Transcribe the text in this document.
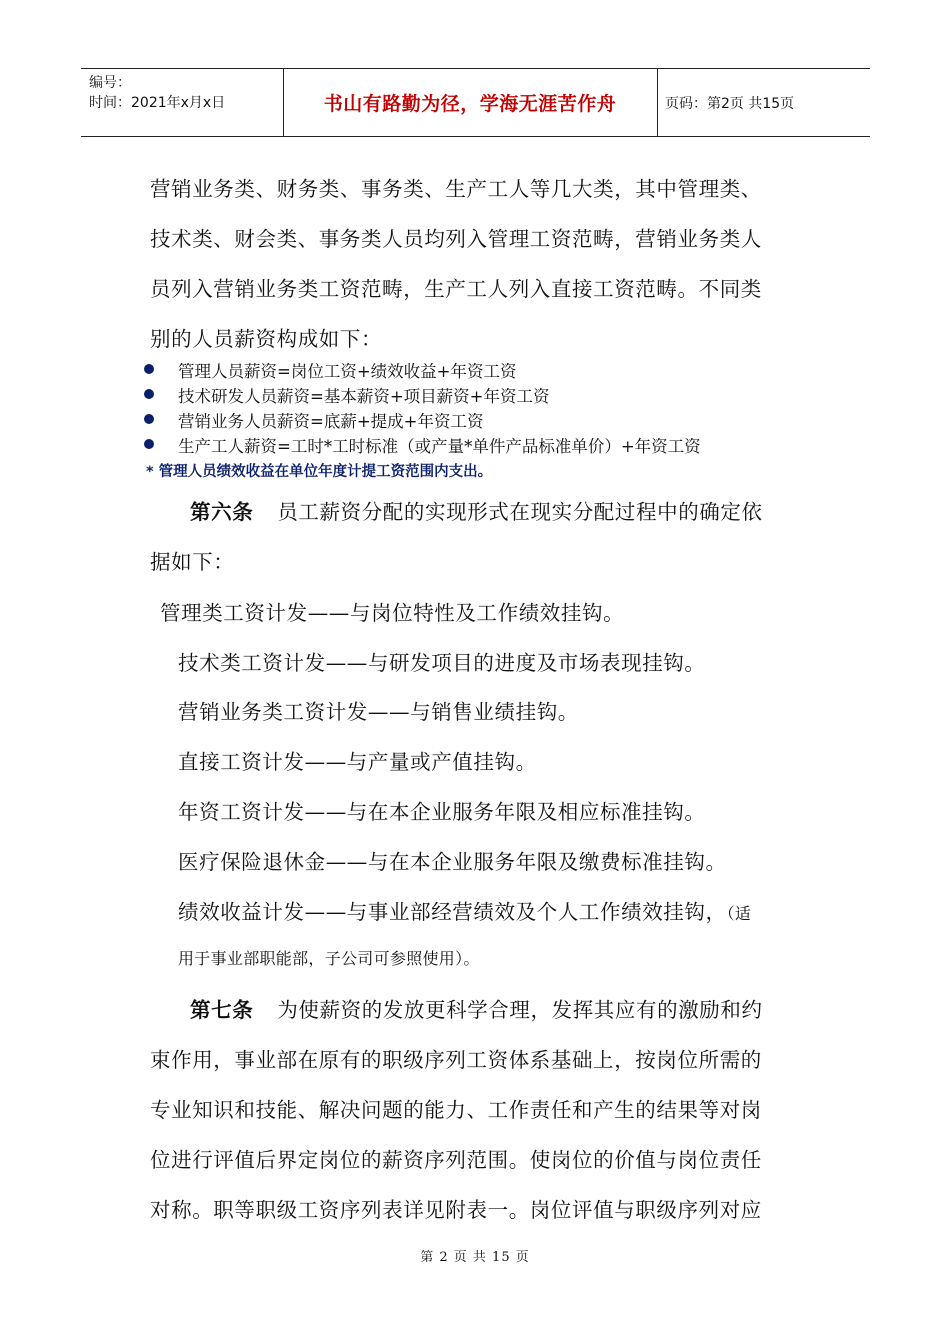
编号：
时间：2021年x月x日	书山有路勤为径，学海无涯苦作舟	页码：第2页 共15页
营销业务类、财务类、事务类、生产工人等几大类，其中管理类、
技术类、财会类、事务类人员均列入管理工资范畴，营销业务类人
员列入营销业务类工资范畴，生产工人列入直接工资范畴。不同类
别的人员薪资构成如下：
管理人员薪资=岗位工资+绩效收益+年资工资
技术研发人员薪资=基本薪资+项目薪资+年资工资
营销业务人员薪资=底薪+提成+年资工资
生产工人薪资=工时*工时标准（或产量*单件产品标准单价）+年资工资
* 管理人员绩效收益在单位年度计提工资范围内支出。
第六条 员工薪资分配的实现形式在现实分配过程中的确定依
据如下：
管理类工资计发——与岗位特性及工作绩效挂钩。
技术类工资计发——与研发项目的进度及市场表现挂钩。
营销业务类工资计发——与销售业绩挂钩。
直接工资计发——与产量或产值挂钩。
年资工资计发——与在本企业服务年限及相应标准挂钩。
医疗保险退休金——与在本企业服务年限及缴费标准挂钩。
绩效收益计发——与事业部经营绩效及个人工作绩效挂钩，（适
用于事业部职能部，子公司可参照使用）。
第七条 为使薪资的发放更科学合理，发挥其应有的激励和约
束作用，事业部在原有的职级序列工资体系基础上，按岗位所需的
专业知识和技能、解决问题的能力、工作责任和产生的结果等对岗
位进行评值后界定岗位的薪资序列范围。使岗位的价值与岗位责任
对称。职等职级工资序列表详见附表一。岗位评值与职级序列对应
第 2 页 共 15 页
